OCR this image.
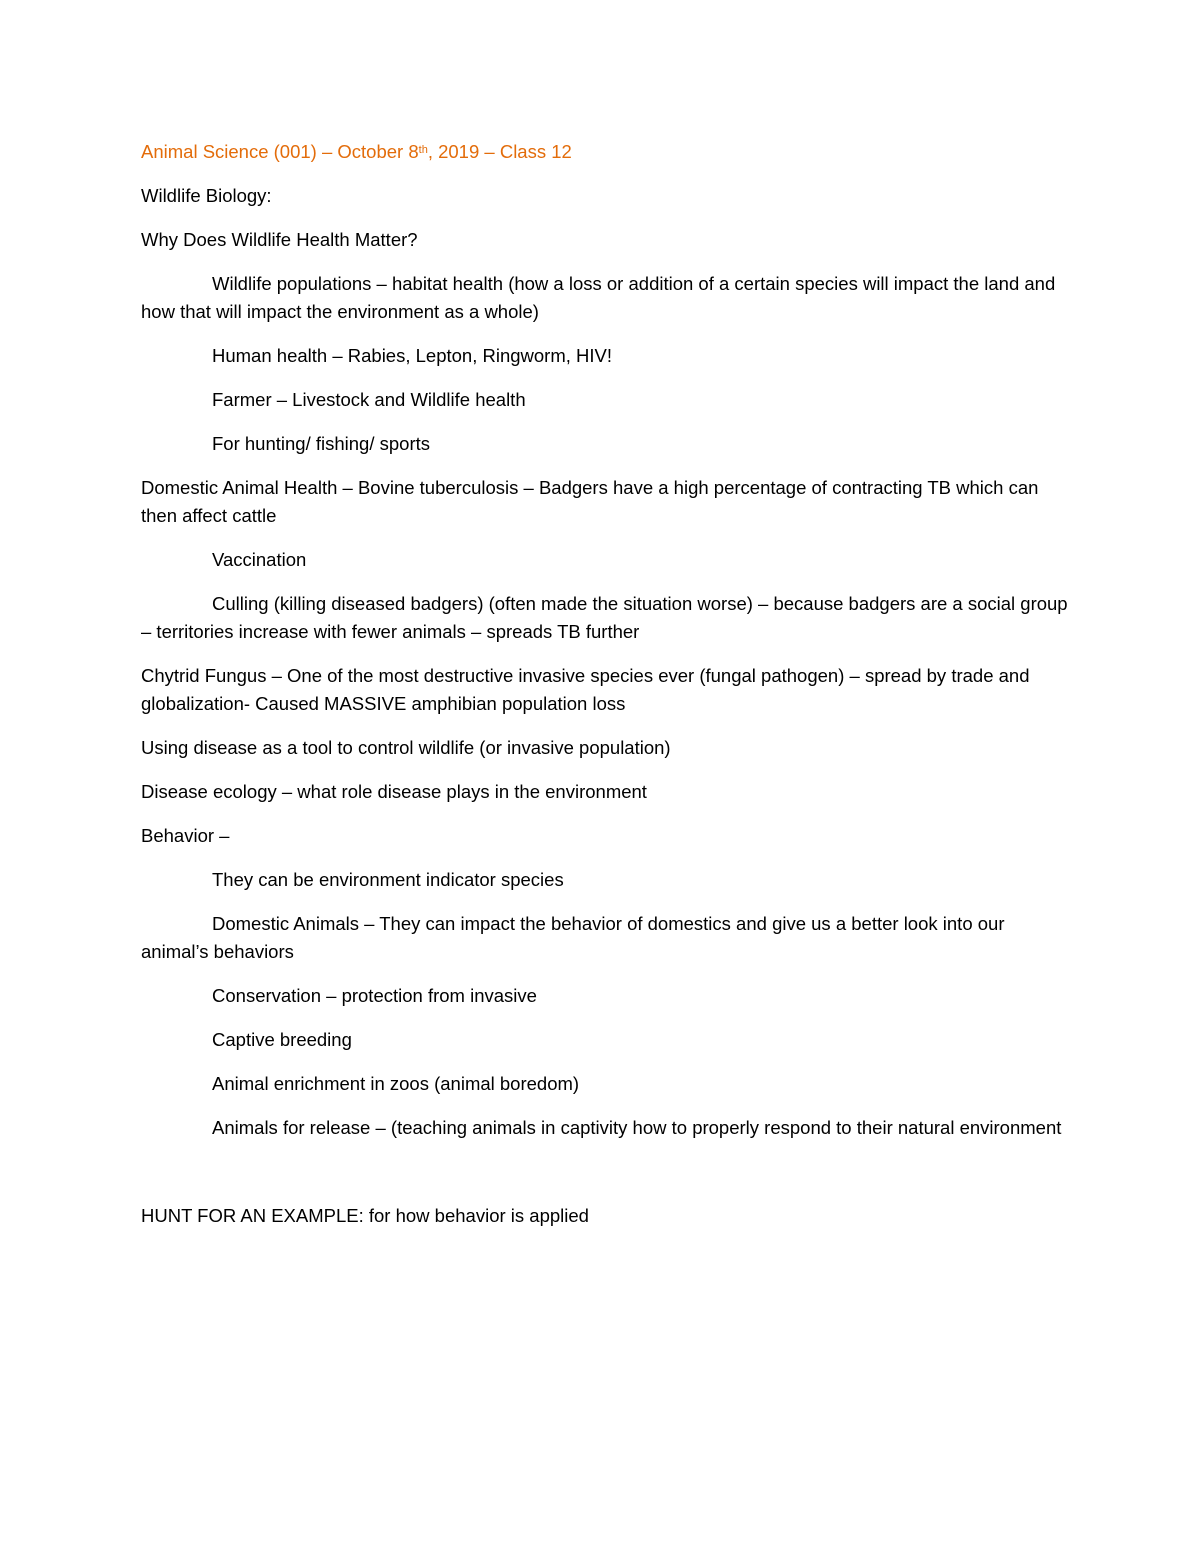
Animal Science (001) – October 8th, 2019 – Class 12

Wildlife Biology:

Why Does Wildlife Health Matter?

Wildlife populations – habitat health (how a loss or addition of a certain species will impact the land and how that will impact the environment as a whole)

Human health – Rabies, Lepton, Ringworm, HIV!

Farmer – Livestock and Wildlife health

For hunting/ fishing/ sports

Domestic Animal Health – Bovine tuberculosis – Badgers have a high percentage of contracting TB which can then affect cattle

Vaccination

Culling (killing diseased badgers) (often made the situation worse) – because badgers are a social group – territories increase with fewer animals – spreads TB further

Chytrid Fungus – One of the most destructive invasive species ever (fungal pathogen) – spread by trade and globalization- Caused MASSIVE amphibian population loss

Using disease as a tool to control wildlife (or invasive population)

Disease ecology – what role disease plays in the environment

Behavior –

They can be environment indicator species

Domestic Animals – They can impact the behavior of domestics and give us a better look into our animal’s behaviors

Conservation – protection from invasive

Captive breeding

Animal enrichment in zoos (animal boredom)

Animals for release – (teaching animals in captivity how to properly respond to their natural environment

HUNT FOR AN EXAMPLE: for how behavior is applied
